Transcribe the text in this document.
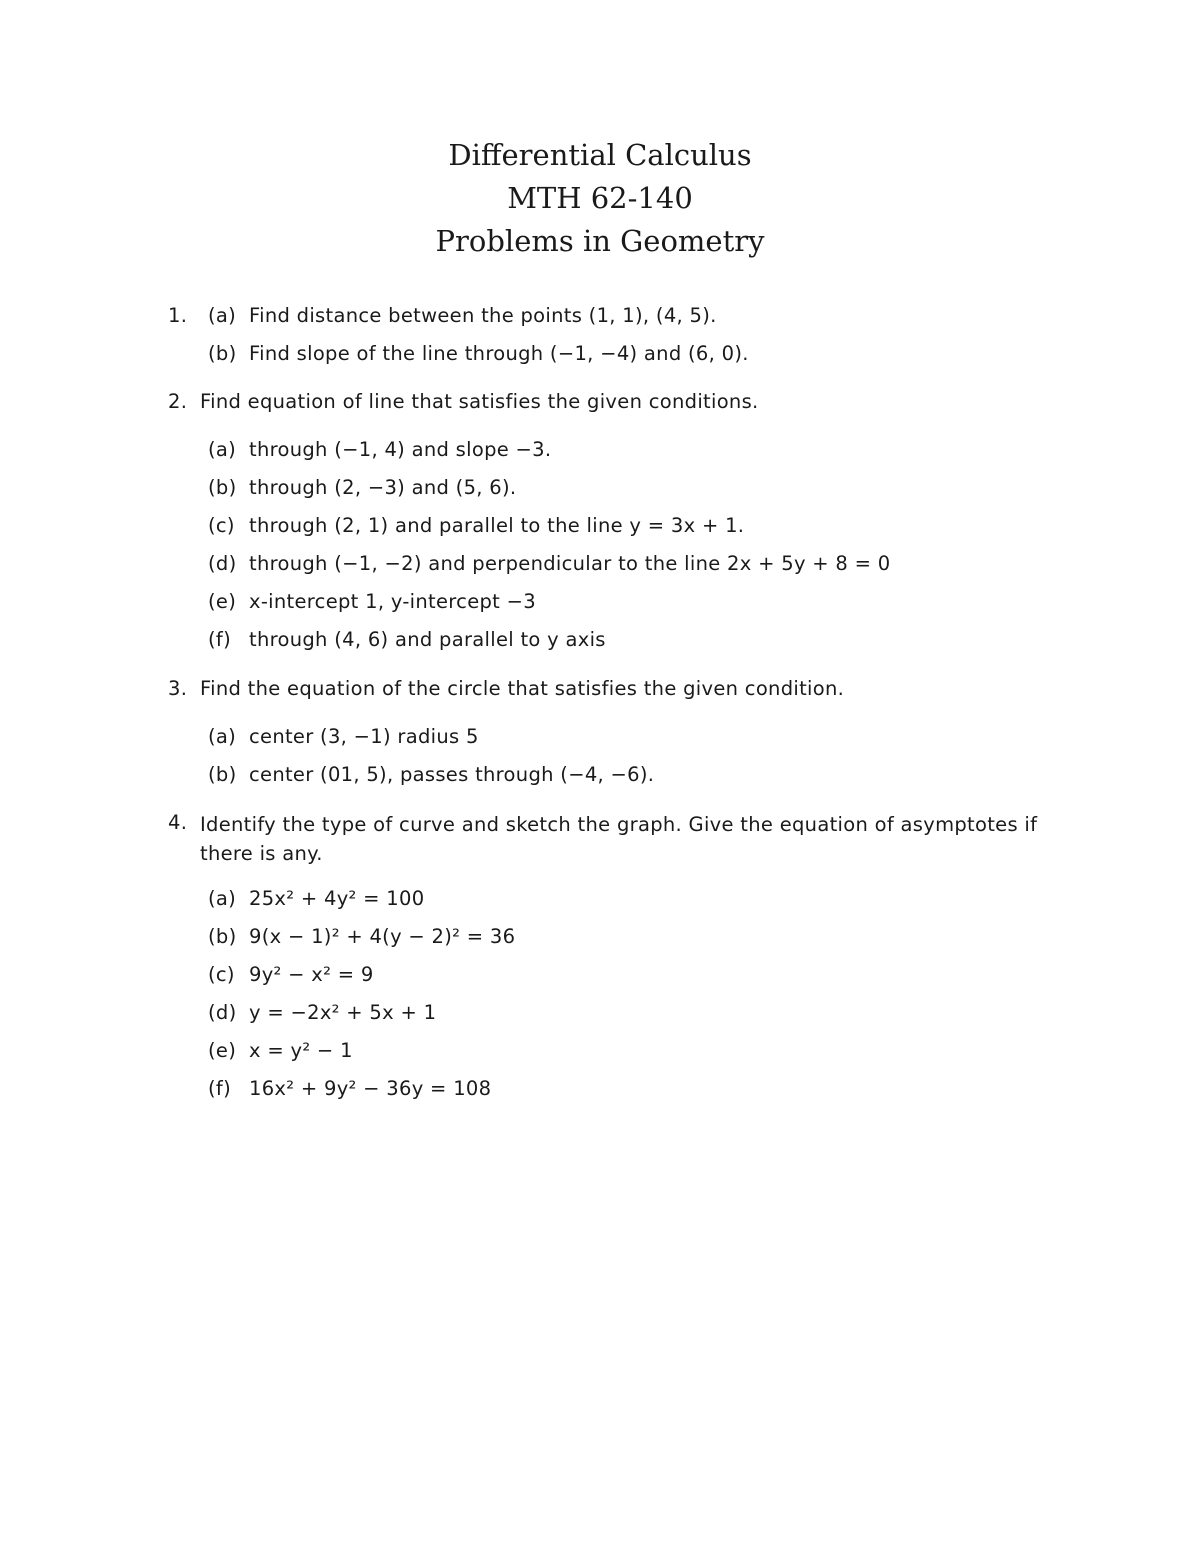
Differential Calculus
MTH 62-140
Problems in Geometry
1. (a) Find distance between the points (1, 1), (4, 5).
(b) Find slope of the line through (−1, −4) and (6, 0).
2. Find equation of line that satisfies the given conditions.
(a) through (−1, 4) and slope −3.
(b) through (2, −3) and (5, 6).
(c) through (2, 1) and parallel to the line y = 3x + 1.
(d) through (−1, −2) and perpendicular to the line 2x + 5y + 8 = 0
(e) x-intercept 1, y-intercept −3
(f) through (4, 6) and parallel to y axis
3. Find the equation of the circle that satisfies the given condition.
(a) center (3, −1) radius 5
(b) center (01, 5), passes through (−4, −6).
4. Identify the type of curve and sketch the graph. Give the equation of asymptotes if there is any.
(a) 25x² + 4y² = 100
(b) 9(x − 1)² + 4(y − 2)² = 36
(c) 9y² − x² = 9
(d) y = −2x² + 5x + 1
(e) x = y² − 1
(f) 16x² + 9y² − 36y = 108
